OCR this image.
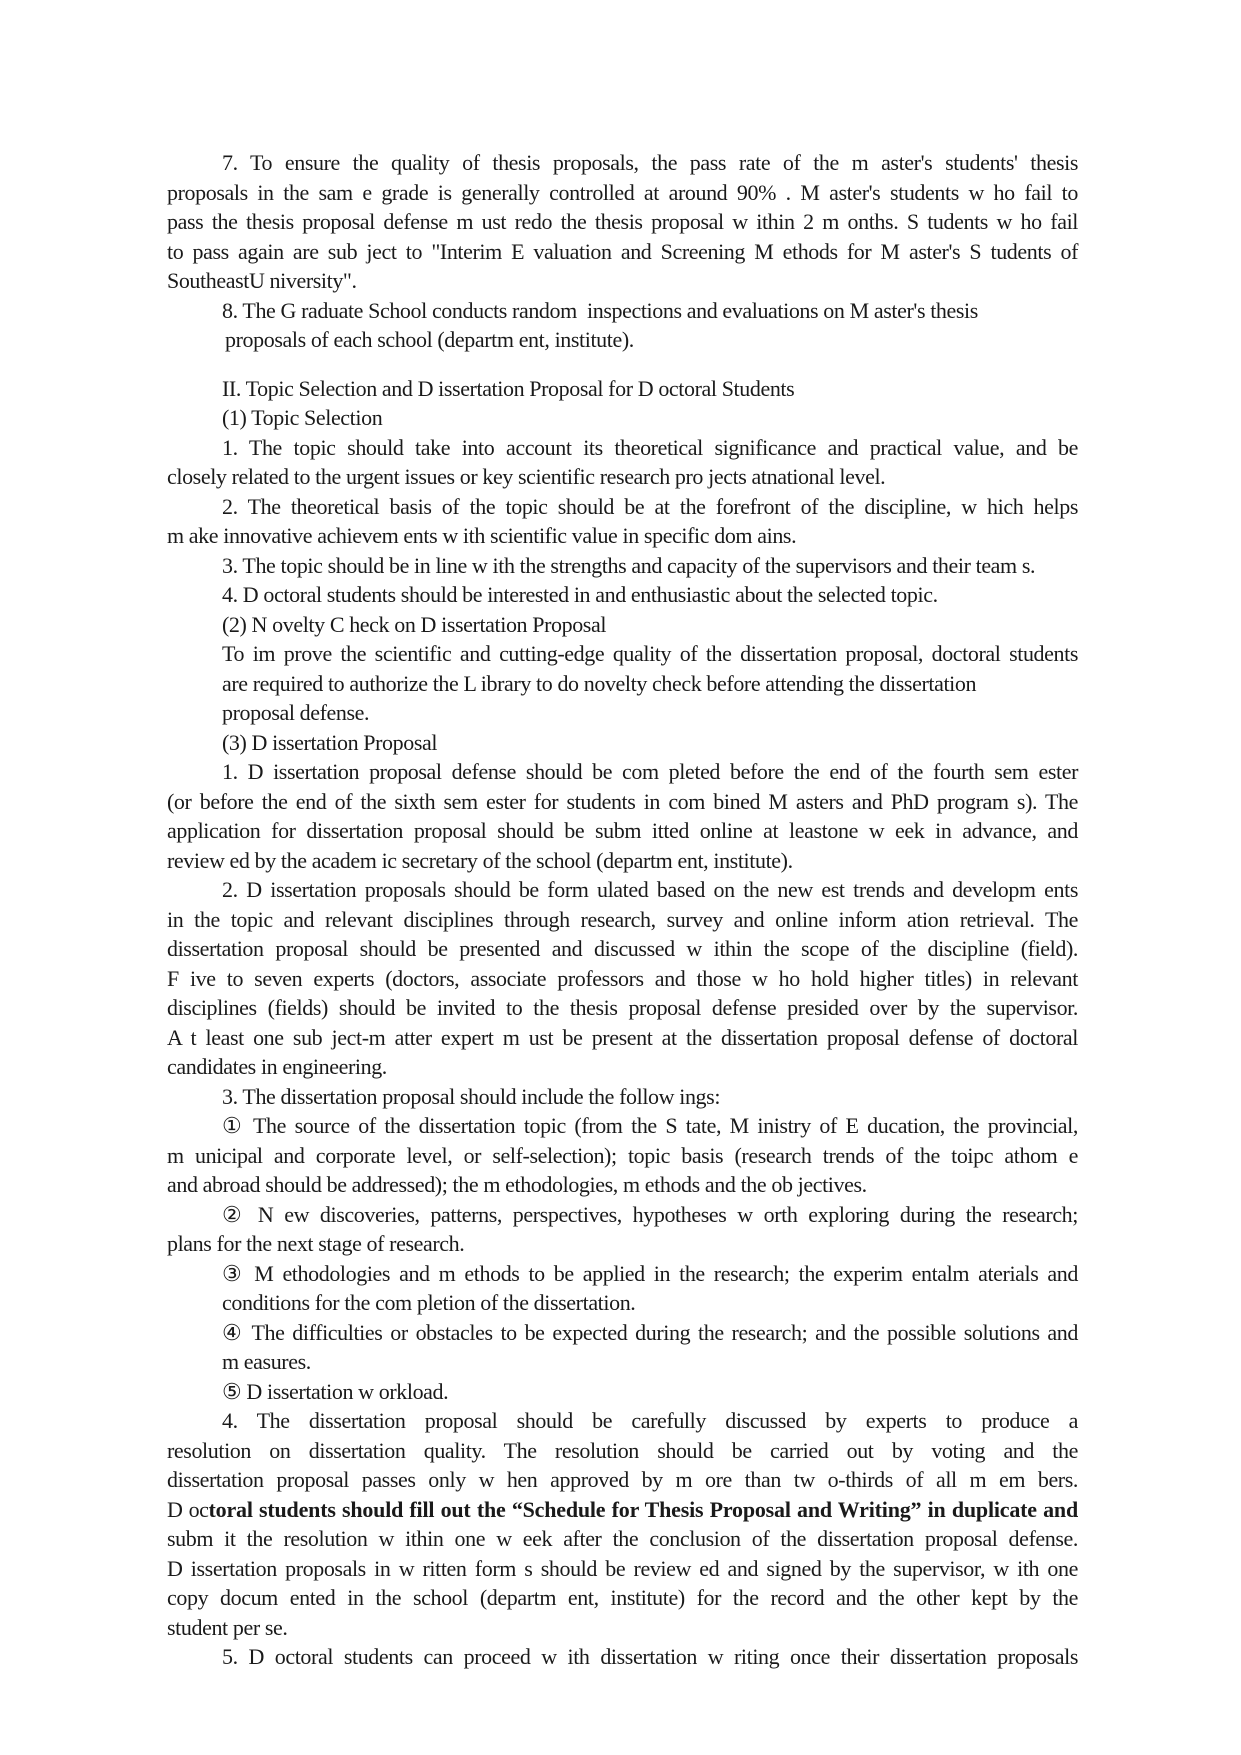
7. To ensure the quality of thesis proposals, the pass rate of the m aster's students' thesis
proposals in the sam e grade is generally controlled at around 90% . M aster's students w ho fail to
pass the thesis proposal defense m ust redo the thesis proposal w ithin 2 m onths. S tudents w ho fail
to pass again are sub ject to "Interim E valuation and Screening M ethods for M aster's S tudents of
SoutheastU niversity".
8. The G raduate School conducts random  inspections and evaluations on M aster's thesis
proposals of each school (departm ent, institute).
II. Topic Selection and D issertation Proposal for D octoral Students
(1) Topic Selection
1. The topic should take into account its theoretical significance and practical value, and be
closely related to the urgent issues or key scientific research pro jects atnational level.
2. The theoretical basis of the topic should be at the forefront of the discipline, w hich helps
m ake innovative achievem ents w ith scientific value in specific dom ains.
3. The topic should be in line w ith the strengths and capacity of the supervisors and their team s.
4. D octoral students should be interested in and enthusiastic about the selected topic.
(2) N ovelty C heck on D issertation Proposal
To im prove the scientific and cutting-edge quality of the dissertation proposal, doctoral students
are required to authorize the L ibrary to do novelty check before attending the dissertation
proposal defense.
(3) D issertation Proposal
1. D issertation proposal defense should be com pleted before the end of the fourth sem ester
(or before the end of the sixth sem ester for students in com bined M asters and PhD program s). The
application for dissertation proposal should be subm itted online at leastone w eek in advance, and
review ed by the academ ic secretary of the school (departm ent, institute).
2. D issertation proposals should be form ulated based on the new est trends and developm ents
in the topic and relevant disciplines through research, survey and online inform ation retrieval. The
dissertation proposal should be presented and discussed w ithin the scope of the discipline (field).
F ive to seven experts (doctors, associate professors and those w ho hold higher titles) in relevant
disciplines (fields) should be invited to the thesis proposal defense presided over by the supervisor.
A t least one sub ject-m atter expert m ust be present at the dissertation proposal defense of doctoral
candidates in engineering.
3. The dissertation proposal should include the follow ings:
① The source of the dissertation topic (from the S tate, M inistry of E ducation, the provincial,
m unicipal and corporate level, or self-selection); topic basis (research trends of the toipc athom e
and abroad should be addressed); the m ethodologies, m ethods and the ob jectives.
② N ew discoveries, patterns, perspectives, hypotheses w orth exploring during the research;
plans for the next stage of research.
③ M ethodologies and m ethods to be applied in the research; the experim entalm aterials and
conditions for the com pletion of the dissertation.
④ The difficulties or obstacles to be expected during the research; and the possible solutions and
m easures.
⑤ D issertation w orkload.
4. The dissertation proposal should be carefully discussed by experts to produce a
resolution on dissertation quality. The resolution should be carried out by voting and the
dissertation proposal passes only w hen approved by m ore than tw o-thirds of all m em bers.
D octoral students should fill out the “Schedule for Thesis Proposal and Writing” in duplicate and
subm it the resolution w ithin one w eek after the conclusion of the dissertation proposal defense.
D issertation proposals in w ritten form s should be review ed and signed by the supervisor, w ith one
copy docum ented in the school (departm ent, institute) for the record and the other kept by the
student per se.
5. D octoral students can proceed w ith dissertation w riting once their dissertation proposals
